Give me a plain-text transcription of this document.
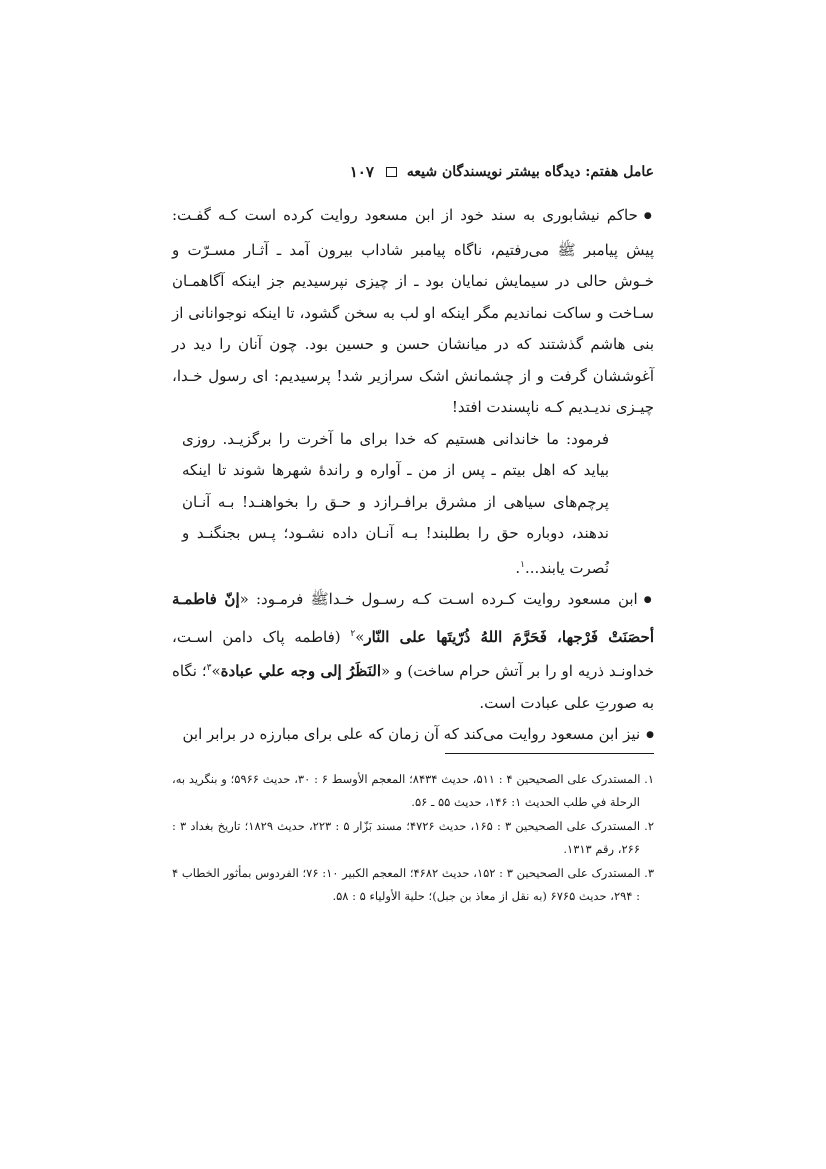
عامل هفتم: دیدگاه بیشتر نویسندگان شیعه
۱۰۷

● حاکم نیشابوری به سند خود از ابن مسعود روایت کرده است کـه گفـت: پیش پیامبر ﷺ می‌رفتیم، ناگاه پیامبر شاداب بیرون آمد ـ آثـار مسـرّت و خـوش حالی در سیمایش نمایان بود ـ از چیزی نپرسیدیم جز اینکه آگاهمـان سـاخت و ساکت نماندیم مگر اینکه او لب به سخن گشود، تا اینکه نوجوانانی از بنی هاشم گذشتند که در میانشان حسن و حسین بود. چون آنان را دید در آغوششان گرفت و از چشمانش اشک سرازیر شد! پرسیدیم: ای رسول خـدا، چیـزی ندیـدیم کـه ناپسندت افتد!

فرمود: ما خاندانی هستیم که خدا برای ما آخرت را برگزیـد. روزی بیاید که اهل بیتم ـ پس از من ـ آواره و راندهٔ شهرها شوند تا اینکه پرچم‌های سیاهی از مشرق برافـرازد و حـق را بخواهنـد! بـه آنـان ندهند، دوباره حق را بطلبند! بـه آنـان داده نشـود؛ پـس بجنگنـد و نُصرت یابند...$^۱$.

● ابن مسعود روایت کـرده اسـت کـه رسـول خـداﷺ فرمـود: «إنّ فاطمـة أحصَنَتْ فَرْجها، فَحَرَّمَ اللهُ ذُرّيتَها على النّار»$^۲$ (فاطمه پاک دامن اسـت، خداونـد ذریه او را بر آتش حرام ساخت) و «النَظَرُ إلى وجه علي عبادة»$^۳$؛ نگاه به صورتِ علی عبادت است.

● نیز ابن مسعود روایت می‌کند که آن زمان که علی برای مبارزه در برابر ابن

۱. المستدرک علی الصحیحین ۴ : ۵۱۱، حدیث ۸۴۳۴؛ المعجم الأوسط ۶ : ۳۰، حدیث ۵۹۶۶؛ و بنگرید به، الرحلة في طلب الحدیث ۱: ۱۴۶، حدیث ۵۵ ـ ۵۶.

۲. المستدرک علی الصحیحین ۳ : ۱۶۵، حدیث ۴۷۲۶؛ مسند بَزّار ۵ : ۲۲۳، حدیث ۱۸۲۹؛ تاریخ بغداد ۳ : ۲۶۶، رقم ۱۳۱۳.

۳. المستدرک علی الصحیحین ۳ : ۱۵۲، حدیث ۴۶۸۲؛ المعجم الکبیر ۱۰: ۷۶؛ الفردوس بمأثور الخطاب ۴ : ۲۹۴، حدیث ۶۷۶۵ (به نقل از معاذ بن جبل)؛ حلیة الأولیاء ۵ : ۵۸.
